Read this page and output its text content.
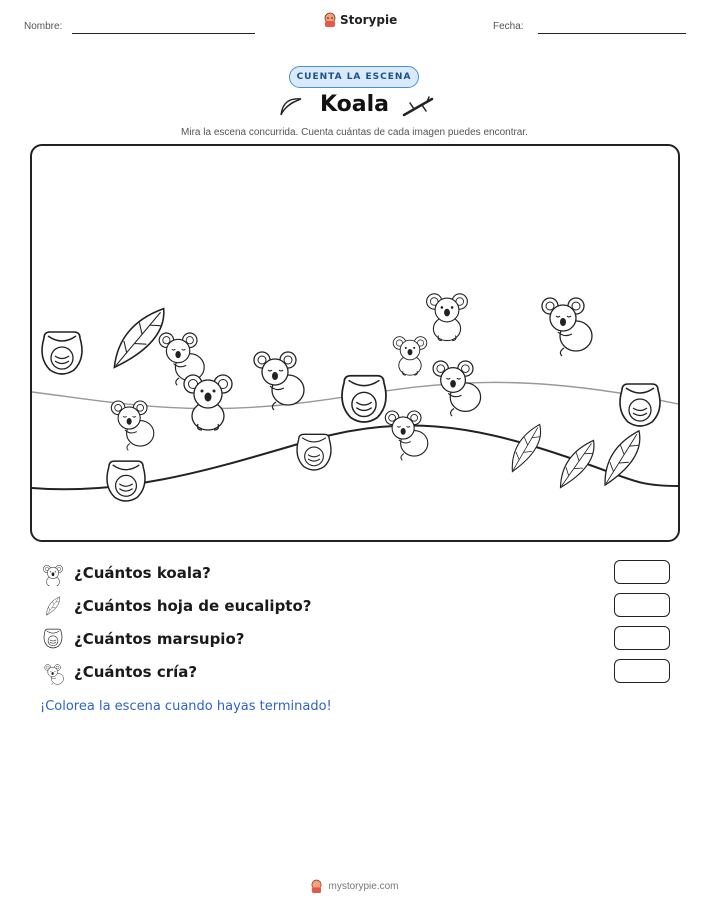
Nombre:	Storypie	Fecha:
CUENTA LA ESCENA
Koala
Mira la escena concurrida. Cuenta cuántas de cada imagen puedes encontrar.
¿Cuántos koala?
¿Cuántos hoja de eucalipto?
¿Cuántos marsupio?
¿Cuántos cría?
¡Colorea la escena cuando hayas terminado!
mystorypie.com
